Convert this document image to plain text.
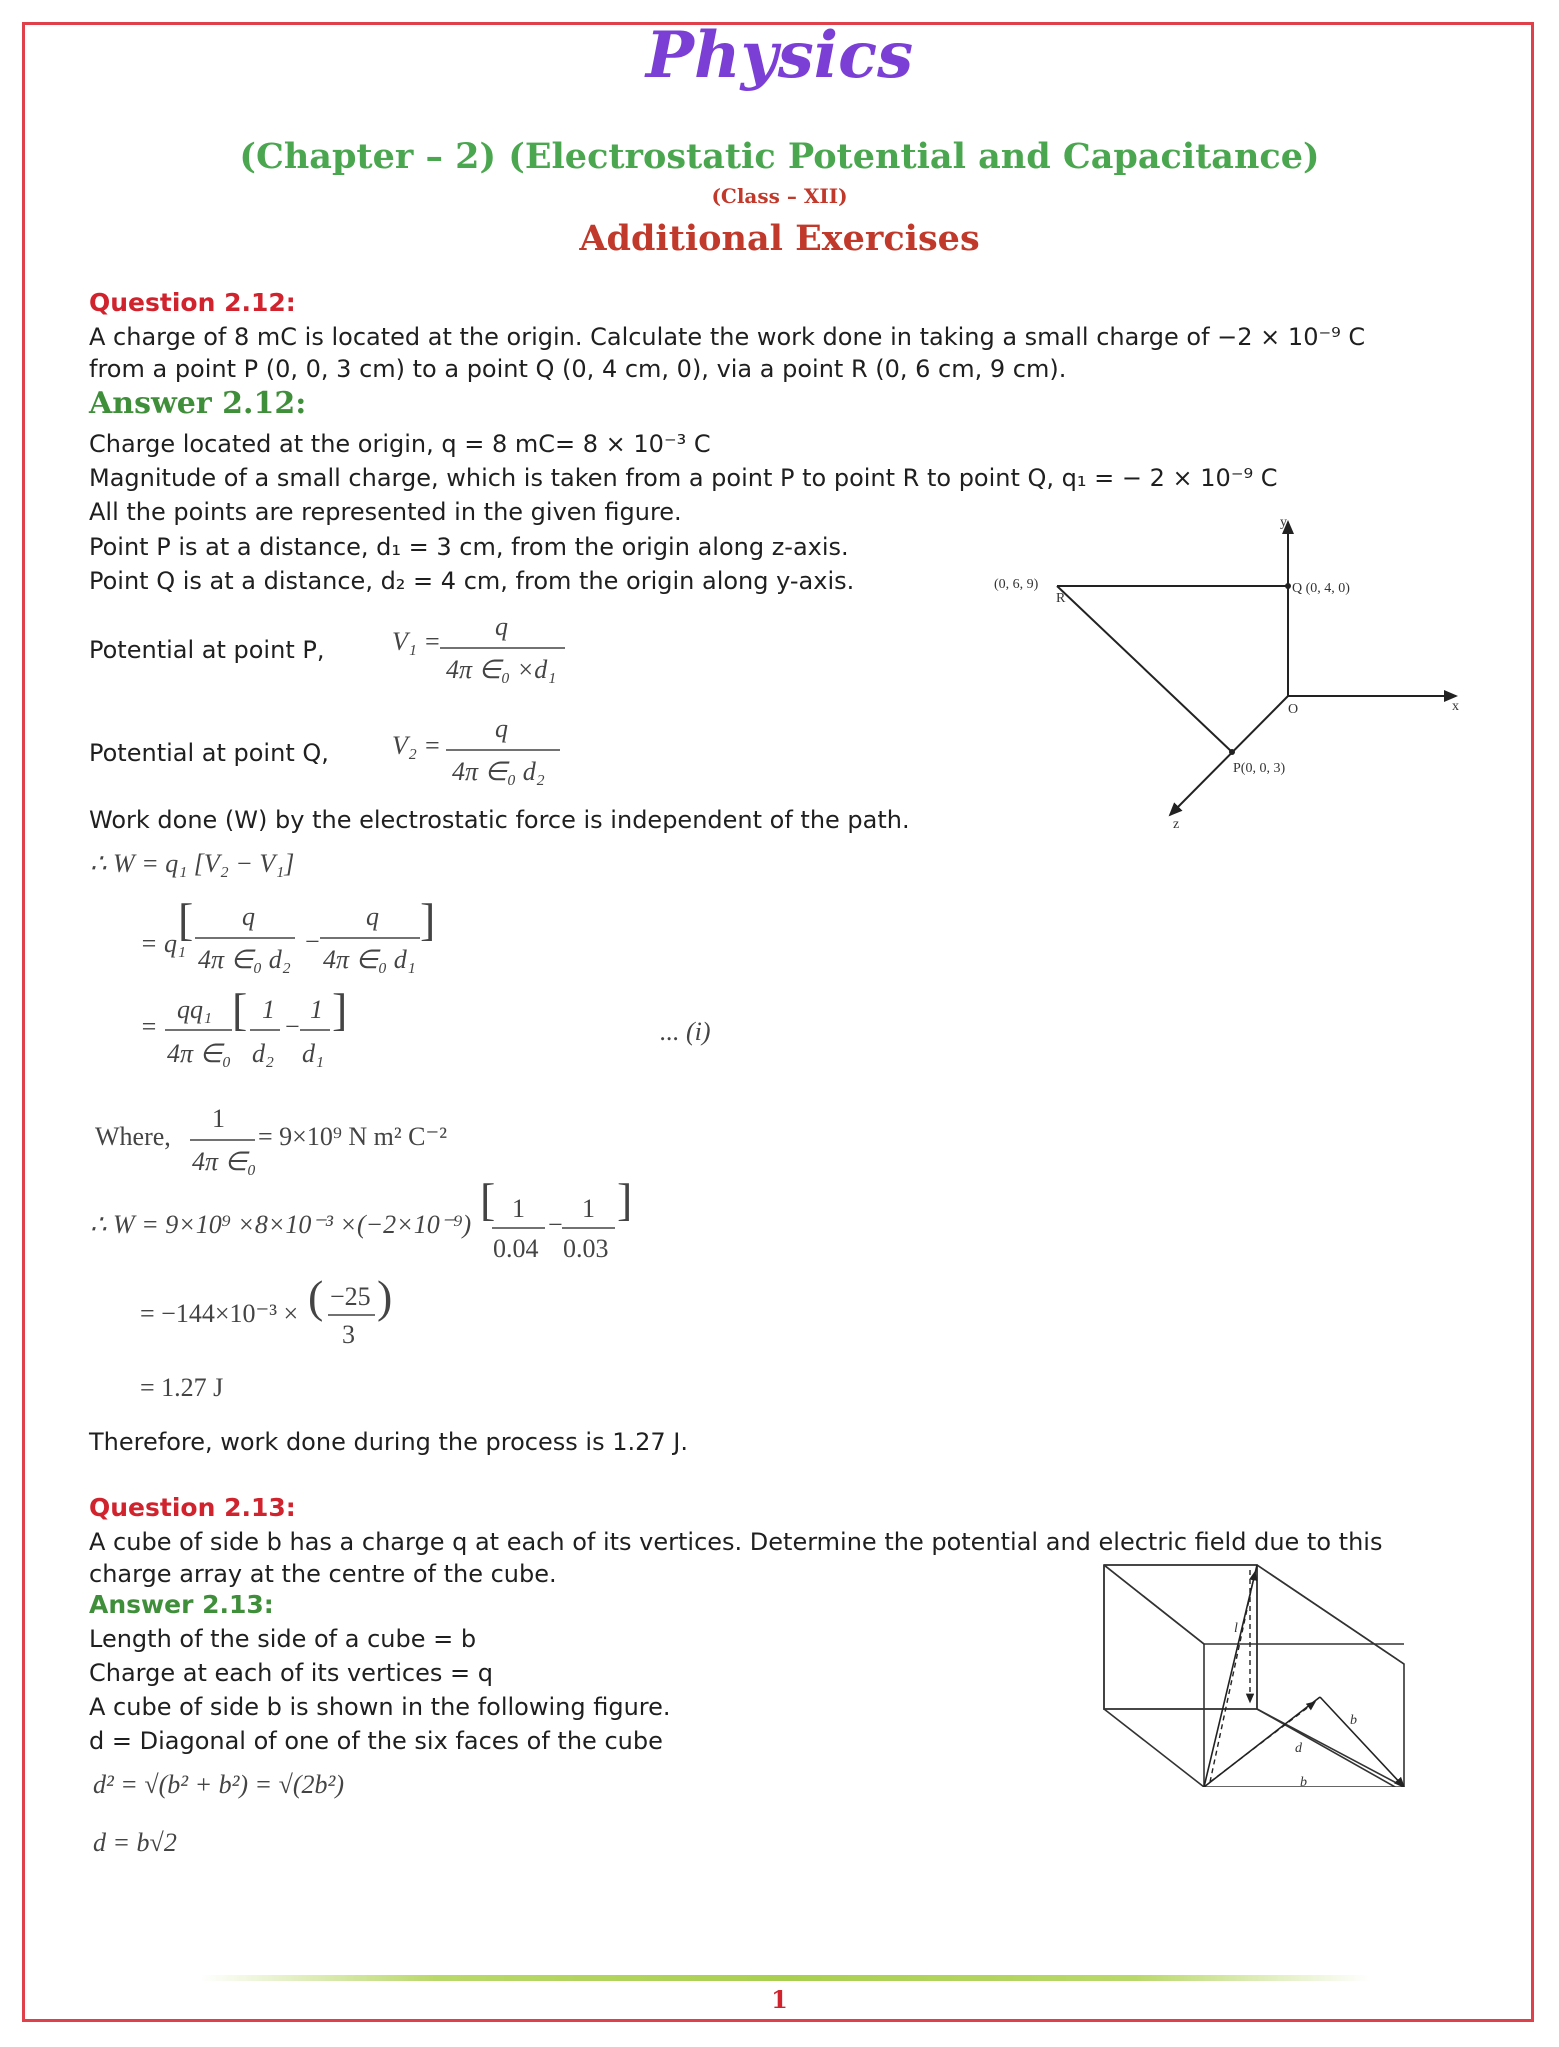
Physics
(Chapter – 2) (Electrostatic Potential and Capacitance)
(Class – XII)
Additional Exercises
Question 2.12:
A charge of 8 mC is located at the origin. Calculate the work done in taking a small charge of −2 × 10⁻⁹ C
from a point P (0, 0, 3 cm) to a point Q (0, 4 cm, 0), via a point R (0, 6 cm, 9 cm).
Answer 2.12:
Charge located at the origin, q = 8 mC= 8 × 10⁻³ C
Magnitude of a small charge, which is taken from a point P to point R to point Q, q₁ = − 2 × 10⁻⁹ C
All the points are represented in the given figure.
Point P is at a distance, d₁ = 3 cm, from the origin along z-axis.
Point Q is at a distance, d₂ = 4 cm, from the origin along y-axis.
Potential at point P,
Potential at point Q,
V₁ =
q
4π ∈₀ ×d₁
V₂ =
q
4π ∈₀ d₂
∴ W = q₁ [V₂ − V₁]
= q₁
[ q
4π ∈₀ d₂
−
q
4π ∈₀ d₁
]
=
qq₁
4π ∈₀
[ 1
d₂
−
1
d₁
]	... (i)
Where,
1
4π ∈₀
= 9×10⁹ N m² C⁻²
∴ W = 9×10⁹ ×8×10⁻³ ×(−2×10⁻⁹) [ 1
0.04
−
1
0.03
]
= −144×10⁻³ × ( −25
3
)
= 1.27 J
Work done (W) by the electrostatic force is independent of the path.
Therefore, work done during the process is 1.27 J.
y
x
z
O
Q (0, 4, 0)
(0, 6, 9)
R
P(0, 0, 3)
Question 2.13:
A cube of side b has a charge q at each of its vertices. Determine the potential and electric field due to this
charge array at the centre of the cube.
Answer 2.13:
Length of the side of a cube = b
Charge at each of its vertices = q
A cube of side b is shown in the following figure.
d = Diagonal of one of the six faces of the cube
d² = √(b² + b²) = √(2b²)
d = b√2
b
d
l
b
1
